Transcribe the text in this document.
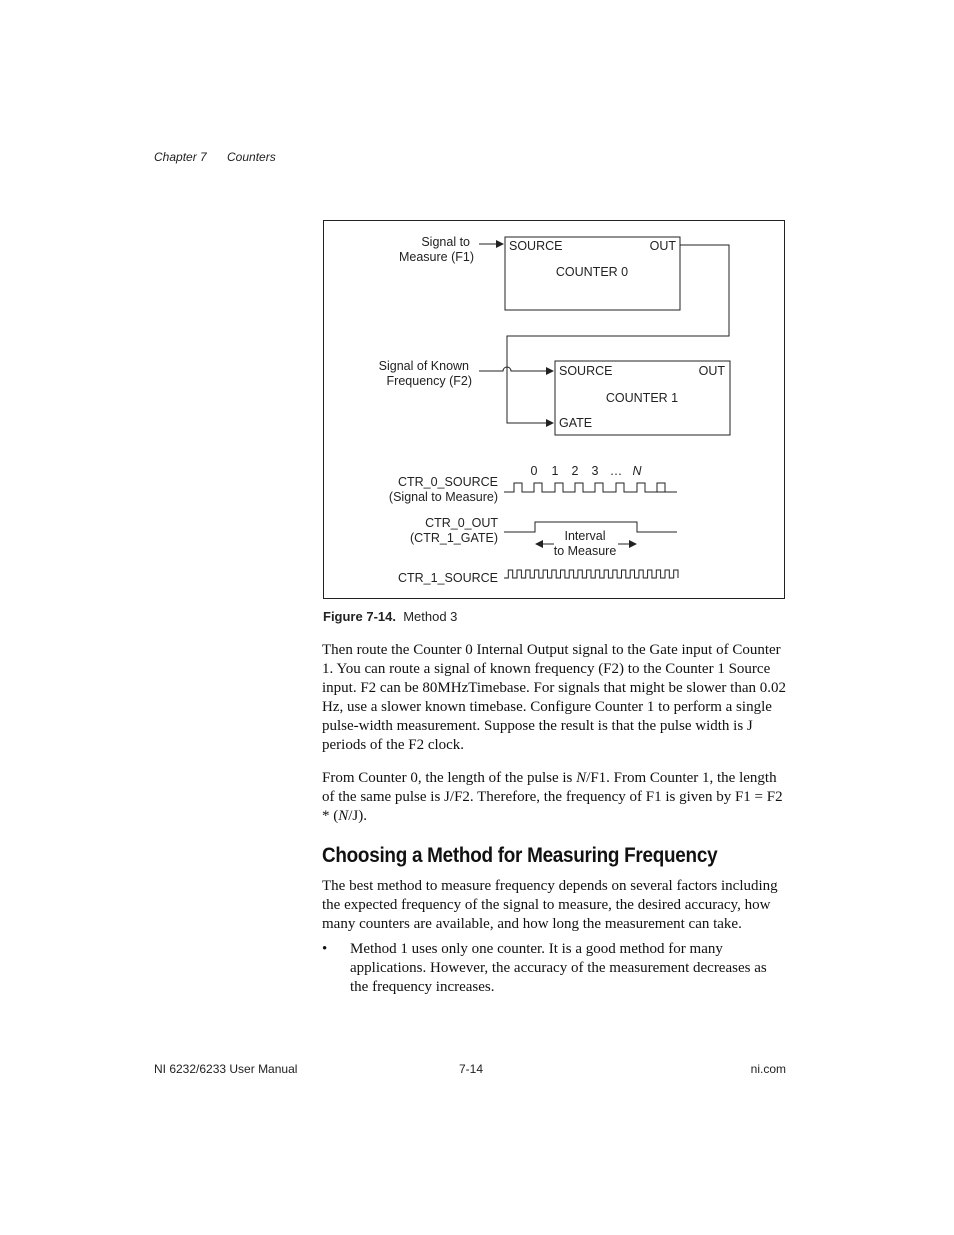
Chapter 7 Counters
SOURCE	OUT
COUNTER 0
SOURCE	OUT
COUNTER 1
GATE
Signal to
Measure (F1)
Signal of Known
Frequency (F2)
0 1 2 3 … N
CTR_0_SOURCE
(Signal to Measure)
CTR_0_OUT
(CTR_1_GATE)	Interval
to Measure
CTR_1_SOURCE
Figure 7-14. Method 3

Then route the Counter 0 Internal Output signal to the Gate input of Counter 1. You can route a signal of known frequency (F2) to the Counter 1 Source input. F2 can be 80MHzTimebase. For signals that might be slower than 0.02 Hz, use a slower known timebase. Configure Counter 1 to perform a single pulse-width measurement. Suppose the result is that the pulse width is J periods of the F2 clock.

From Counter 0, the length of the pulse is N/F1. From Counter 1, the length of the same pulse is J/F2. Therefore, the frequency of F1 is given by F1 = F2 * (N/J).

Choosing a Method for Measuring Frequency

The best method to measure frequency depends on several factors including the expected frequency of the signal to measure, the desired accuracy, how many counters are available, and how long the measurement can take.

• Method 1 uses only one counter. It is a good method for many applications. However, the accuracy of the measurement decreases as the frequency increases.
NI 6232/6233 User Manual	7-14	ni.com
